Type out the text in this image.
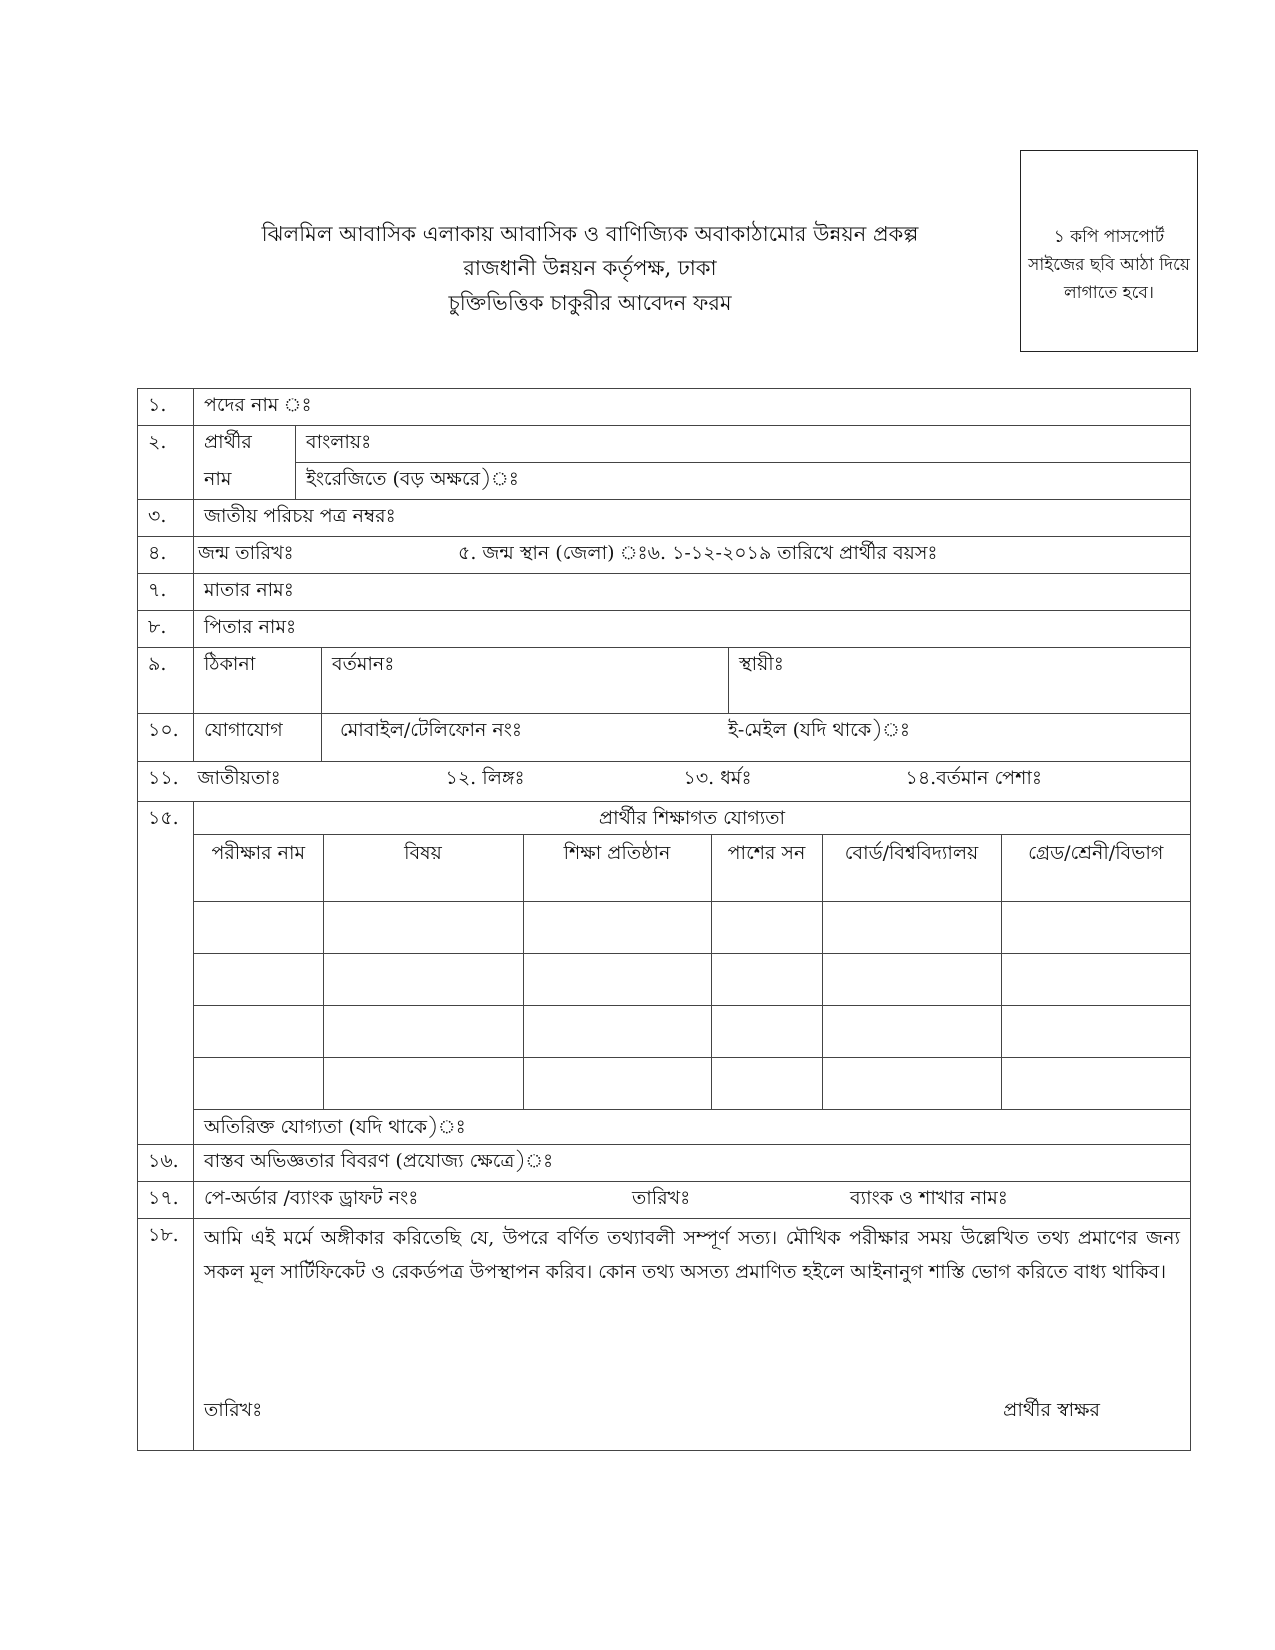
১ কপি পাসপোর্ট সাইজের ছবি আঠা দিয়ে লাগাতে হবে।
ঝিলমিল আবাসিক এলাকায় আবাসিক ও বাণিজ্যিক অবাকাঠামোর উন্নয়ন প্রকল্প
রাজধানী উন্নয়ন কর্তৃপক্ষ, ঢাকা
চুক্তিভিত্তিক চাকুরীর আবেদন ফরম
১.	পদের নাম ঃ
২.	প্রার্থীর	বাংলায়ঃ
নাম	ইংরেজিতে (বড় অক্ষরে)ঃ
৩.	জাতীয় পরিচয় পত্র নম্বরঃ
৪.	জন্ম তারিখঃ	৫. জন্ম স্থান (জেলা) ঃ৬. ১-১২-২০১৯ তারিখে প্রার্থীর বয়সঃ
৭.	মাতার নামঃ
৮.	পিতার নামঃ
৯.	ঠিকানা	বর্তমানঃ	স্থায়ীঃ
১০.	যোগাযোগ	মোবাইল/টেলিফোন নংঃ	ই-মেইল (যদি থাকে)ঃ
১১.	জাতীয়তাঃ	১২. লিঙ্গঃ	১৩. ধর্মঃ	১৪.বর্তমান পেশাঃ
১৫.	প্রার্থীর শিক্ষাগত যোগ্যতা
পরীক্ষার নাম	বিষয়	শিক্ষা প্রতিষ্ঠান	পাশের সন	বোর্ড/বিশ্ববিদ্যালয়	গ্রেড/শ্রেনী/বিভাগ

অতিরিক্ত যোগ্যতা (যদি থাকে)ঃ

১৬.	বাস্তব অভিজ্ঞতার বিবরণ (প্রযোজ্য ক্ষেত্রে)ঃ
১৭.	পে-অর্ডার /ব্যাংক ড্রাফট নংঃ	তারিখঃ	ব্যাংক ও শাখার নামঃ
১৮.	আমি এই মর্মে অঙ্গীকার করিতেছি যে, উপরে বর্ণিত তথ্যাবলী সম্পূর্ণ সত্য। মৌখিক পরীক্ষার সময় উল্লেখিত তথ্য প্রমাণের জন্য সকল মূল সার্টিফিকেট ও রেকর্ডপত্র উপস্থাপন করিব। কোন তথ্য অসত্য প্রমাণিত হইলে আইনানুগ শাস্তি ভোগ করিতে বাধ্য থাকিব।
তারিখঃ	প্রার্থীর স্বাক্ষর
